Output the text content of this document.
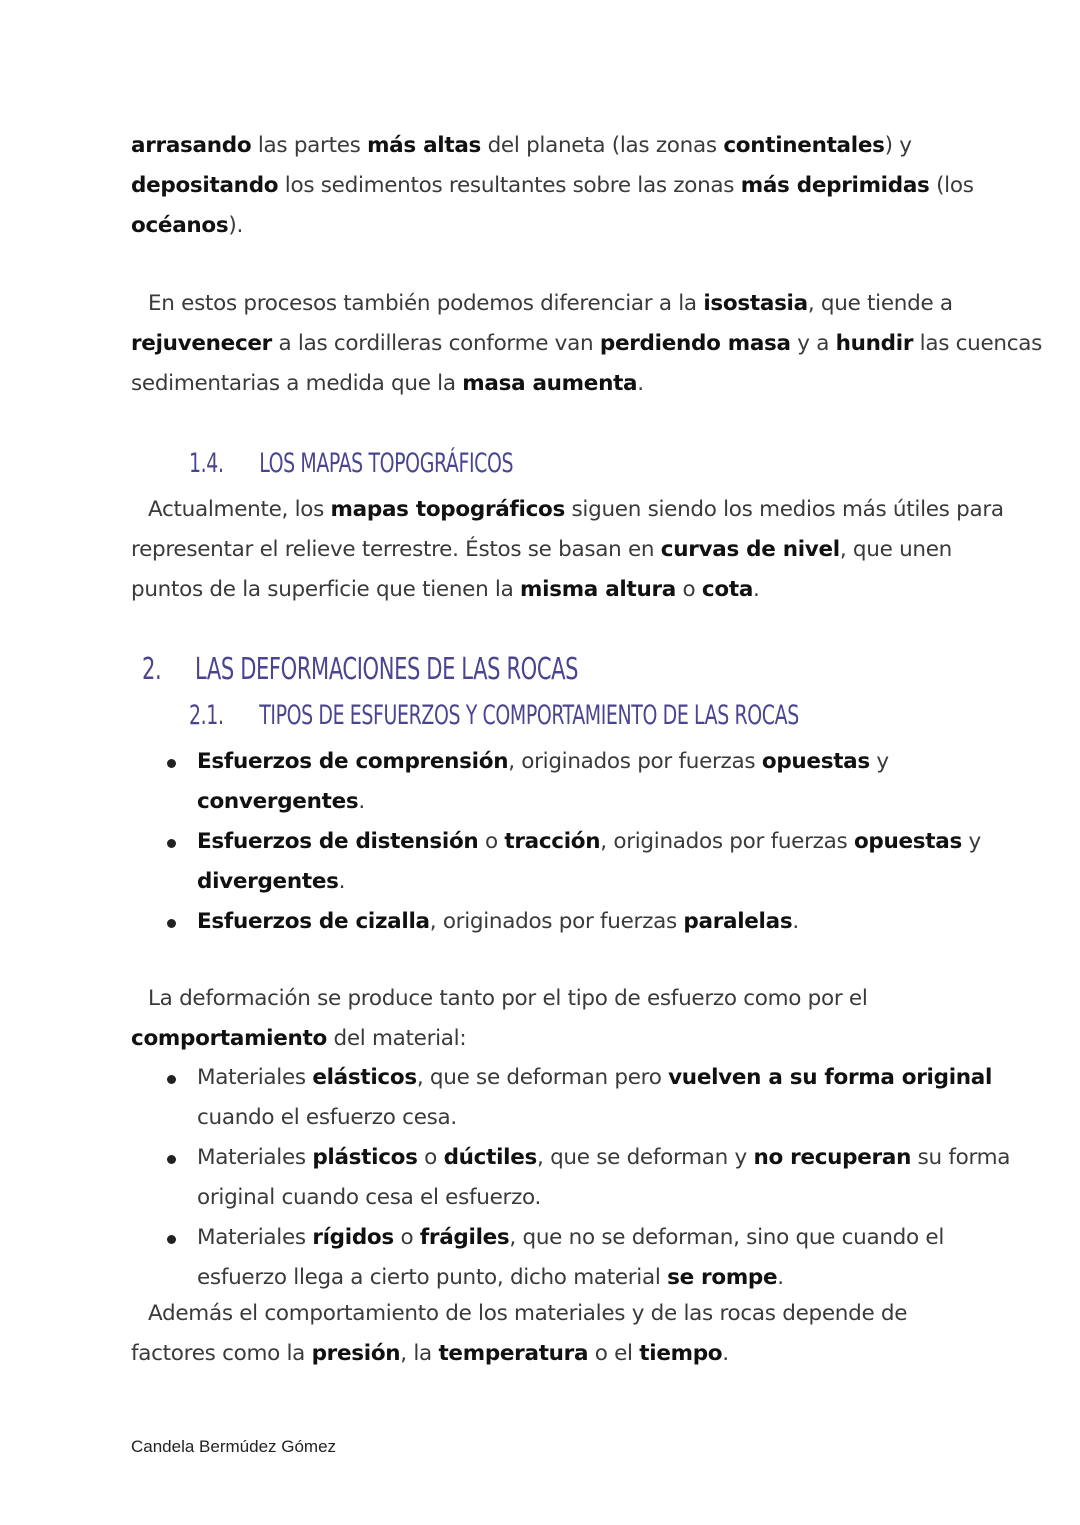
arrasando las partes más altas del planeta (las zonas continentales) y
depositando los sedimentos resultantes sobre las zonas más deprimidas (los
océanos).
En estos procesos también podemos diferenciar a la isostasia, que tiende a
rejuvenecer a las cordilleras conforme van perdiendo masa y a hundir las cuencas
sedimentarias a medida que la masa aumenta.
1.4. LOS MAPAS TOPOGRÁFICOS
Actualmente, los mapas topográficos siguen siendo los medios más útiles para
representar el relieve terrestre. Éstos se basan en curvas de nivel, que unen
puntos de la superficie que tienen la misma altura o cota.
2. LAS DEFORMACIONES DE LAS ROCAS
2.1. TIPOS DE ESFUERZOS Y COMPORTAMIENTO DE LAS ROCAS
Esfuerzos de comprensión, originados por fuerzas opuestas y
convergentes.
Esfuerzos de distensión o tracción, originados por fuerzas opuestas y
divergentes.
Esfuerzos de cizalla, originados por fuerzas paralelas.
La deformación se produce tanto por el tipo de esfuerzo como por el
comportamiento del material:
Materiales elásticos, que se deforman pero vuelven a su forma original
cuando el esfuerzo cesa.
Materiales plásticos o dúctiles, que se deforman y no recuperan su forma
original cuando cesa el esfuerzo.
Materiales rígidos o frágiles, que no se deforman, sino que cuando el
esfuerzo llega a cierto punto, dicho material se rompe.
Además el comportamiento de los materiales y de las rocas depende de
factores como la presión, la temperatura o el tiempo.
Candela Bermúdez Gómez
